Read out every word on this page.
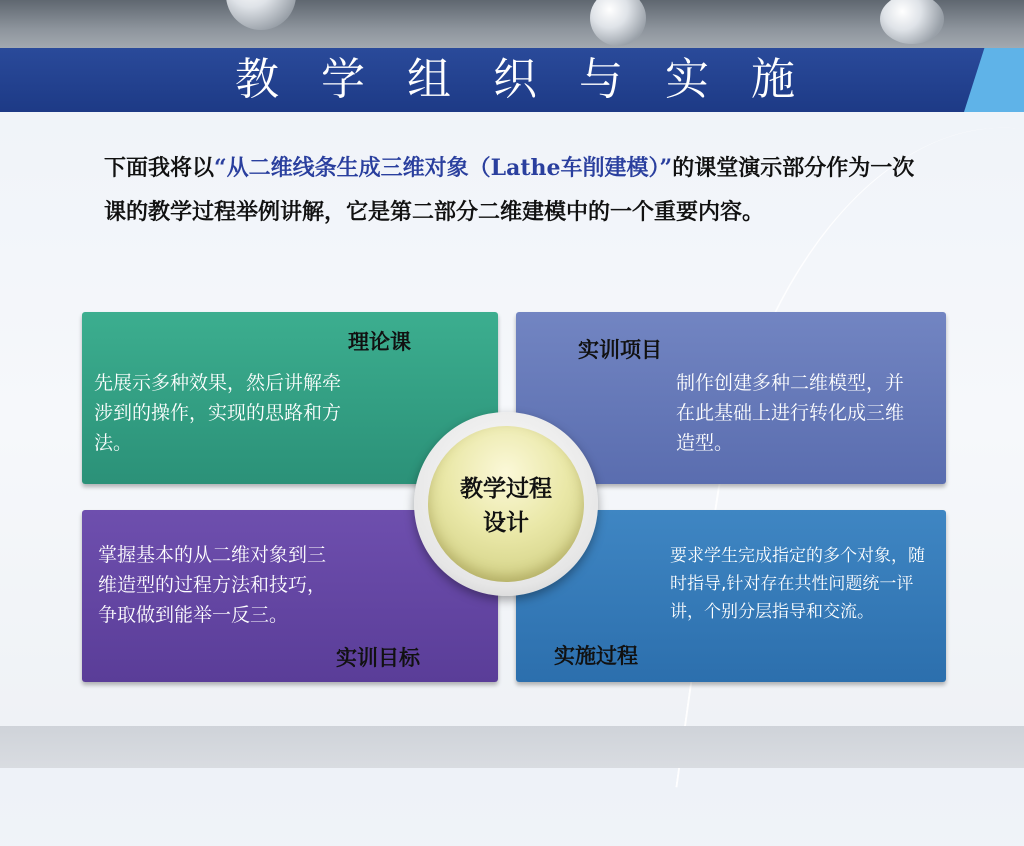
教 学 组 织 与 实 施
下面我将以“从二维线条生成三维对象（Lathe车削建模）”的课堂演示部分作为一次课的教学过程举例讲解，它是第二部分二维建模中的一个重要内容。
理论课
先展示多种效果，然后讲解牵涉到的操作，实现的思路和方法。
实训项目
制作创建多种二维模型，并在此基础上进行转化成三维造型。
掌握基本的从二维对象到三维造型的过程方法和技巧，争取做到能举一反三。
实训目标
要求学生完成指定的多个对象，随时指导,针对存在共性问题统一评讲，个别分层指导和交流。
实施过程
教学过程
设计
